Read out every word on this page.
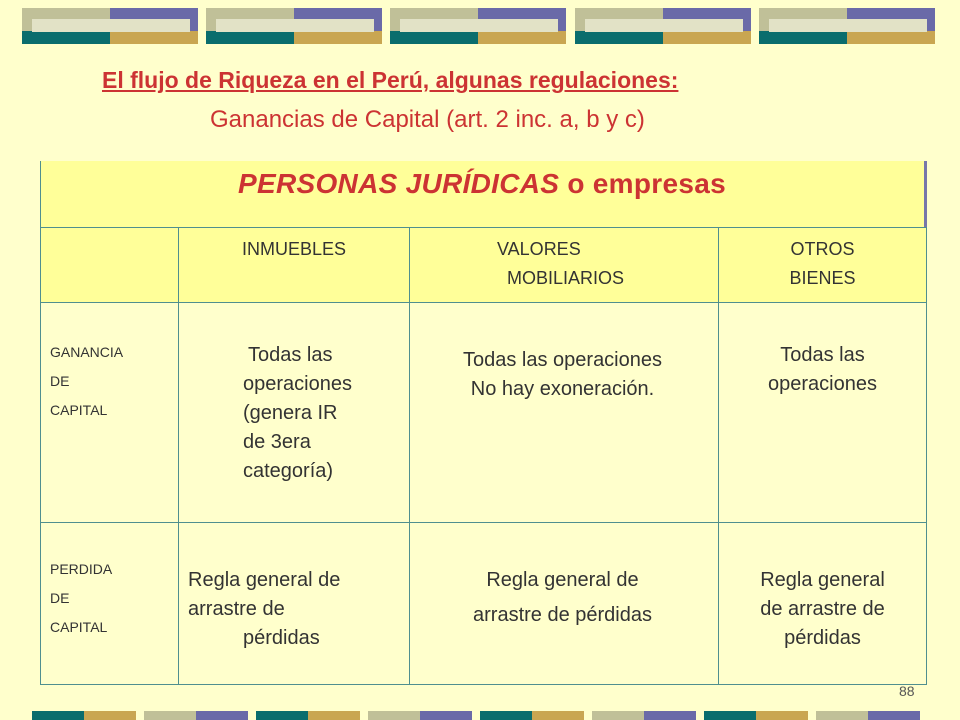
El flujo de Riqueza en el Perú, algunas regulaciones:
Ganancias de Capital (art. 2 inc. a, b y c)
PERSONAS JURÍDICAS o empresas
INMUEBLES	VALORES
MOBILIARIOS
OTROS
BIENES
GANANCIA
DE
CAPITAL
Todas las
operaciones
(genera IR
de 3era
categoría)
Todas las operaciones
No hay exoneración.
Todas las
operaciones
PERDIDA
DE
CAPITAL
Regla general de
arrastre de
pérdidas
Regla general de
arrastre de pérdidas
Regla general
de arrastre de
pérdidas
88
